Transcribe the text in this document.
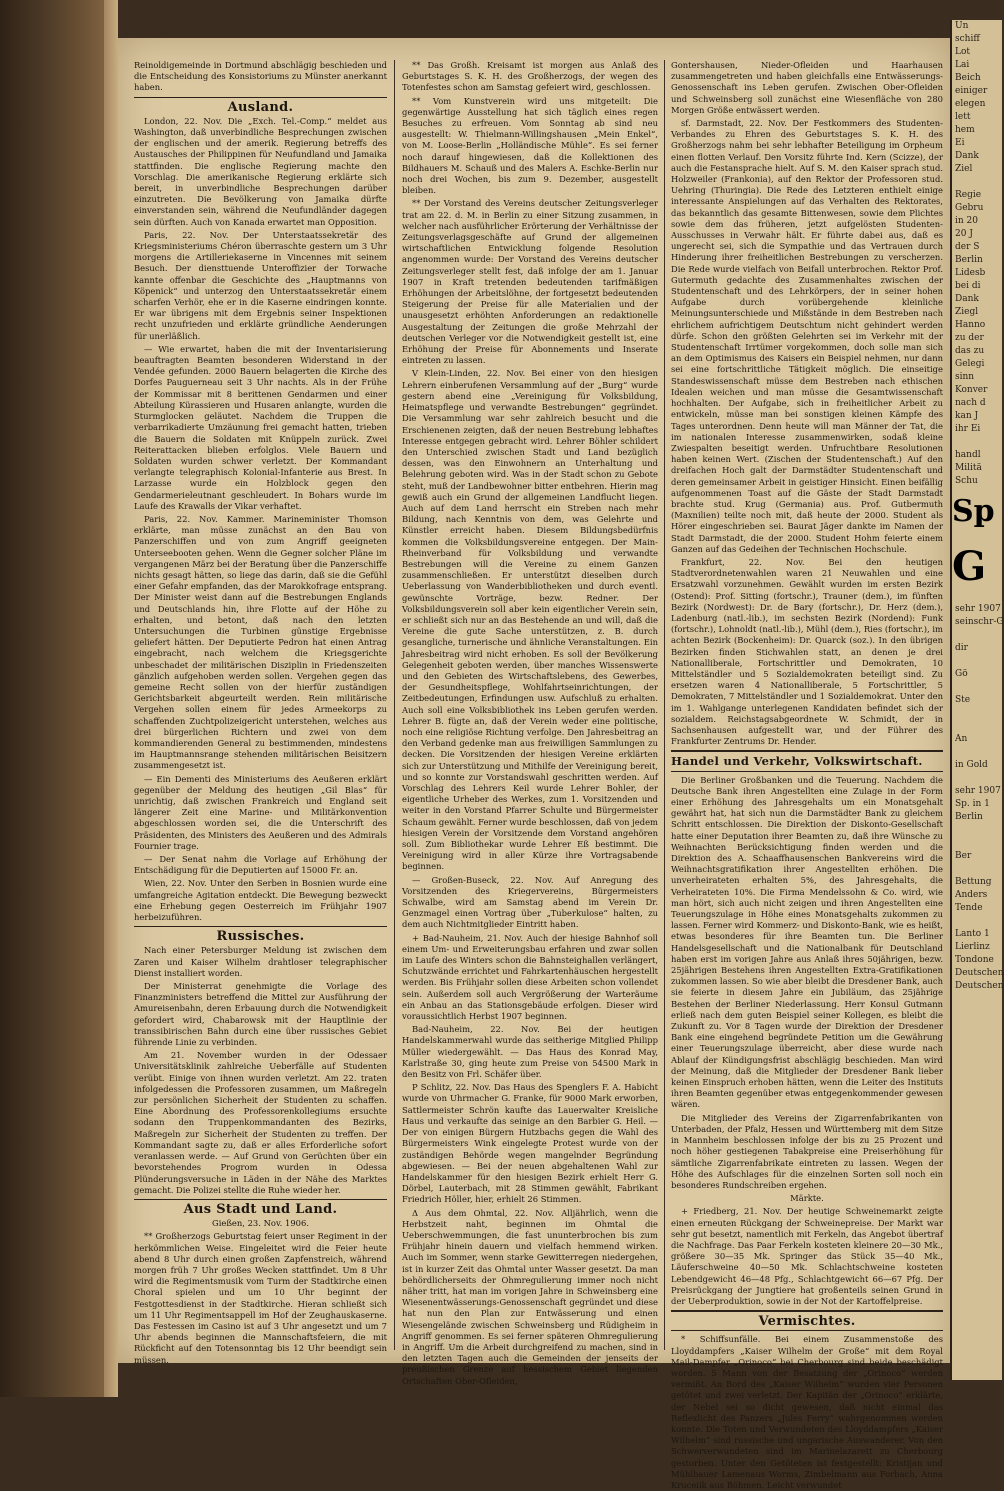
Reinoldigemeinde in Dortmund abschlägig beschieden und die Entscheidung des Konsistoriums zu Münster anerkannt haben.

Ausland.

London, 22. Nov. Die „Exch. Tel.-Comp.“ meldet aus Washington, daß unverbindliche Besprechungen zwischen der englischen und der amerik. Regierung betreffs des Austausches der Philippinen für Neufundland und Jamaika stattfinden. Die englische Regierung machte den Vorschlag. Die amerikanische Regierung erklärte sich bereit, in unverbindliche Besprechungen darüber einzutreten. Die Bevölkerung von Jamaika dürfte einverstanden sein, während die Neufundländer dagegen sein dürften. Auch von Kanada erwartet man Opposition.

Paris, 22. Nov. Der Unterstaatssekretär des Kriegsministeriums Chéron überraschte gestern um 3 Uhr morgens die Artilleriekaserne in Vincennes mit seinem Besuch. Der diensttuende Unteroffizier der Torwache kannte offenbar die Geschichte des „Hauptmanns von Köpenick“ und unterzog den Unterstaatssekretär einem scharfen Verhör, ehe er in die Kaserne eindringen konnte. Er war übrigens mit dem Ergebnis seiner Inspektionen recht unzufrieden und erklärte gründliche Aenderungen für unerläßlich.

— Wie erwartet, haben die mit der Inventarisierung beauftragten Beamten besonderen Widerstand in der Vendée gefunden. 2000 Bauern belagerten die Kirche des Dorfes Pauguerneau seit 3 Uhr nachts. Als in der Frühe der Kommissar mit 8 berittenen Gendarmen und einer Abteilung Kürassieren und Husaren anlangte, wurden die Sturmglocken geläutet. Nachdem die Truppen die verbarrikadierte Umzäunung frei gemacht hatten, trieben die Bauern die Soldaten mit Knüppeln zurück. Zwei Reiterattacken blieben erfolglos. Viele Bauern und Soldaten wurden schwer verletzt. Der Kommandant verlangte telegraphisch Kolonial-Infanterie aus Brest. In Larzasse wurde ein Holzblock gegen den Gendarmerieleutnant geschleudert. In Bohars wurde im Laufe des Krawalls der Vikar verhaftet.

Paris, 22. Nov. Kammer. Marineminister Thomson erklärte, man müsse zunächst an den Bau von Panzerschiffen und von zum Angriff geeigneten Unterseebooten gehen. Wenn die Gegner solcher Pläne im vergangenen März bei der Beratung über die Panzerschiffe nichts gesagt hätten, so liege das darin, daß sie die Gefühl einer Gefahr empfanden, das der Marokkofrage entsprang. Der Minister weist dann auf die Bestrebungen Englands und Deutschlands hin, ihre Flotte auf der Höhe zu erhalten, und betont, daß nach den letzten Untersuchungen die Turbinen günstige Ergebnisse geliefert hätten. Der Deputierte Pedron hat einen Antrag eingebracht, nach welchem die Kriegsgerichte unbeschadet der militärischen Disziplin in Friedenszeiten gänzlich aufgehoben werden sollen. Vergehen gegen das gemeine Recht sollen von der hierfür zuständigen Gerichtsbarkeit abgeurteilt werden. Rein militärische Vergehen sollen einem für jedes Armeekorps zu schaffenden Zuchtpolizeigericht unterstehen, welches aus drei bürgerlichen Richtern und zwei von dem kommandierenden General zu bestimmenden, mindestens im Hauptmannsrange stehenden militärischen Beisitzern zusammengesetzt ist.

— Ein Dementi des Ministeriums des Aeußeren erklärt gegenüber der Meldung des heutigen „Gil Blas“ für unrichtig, daß zwischen Frankreich und England seit längerer Zeit eine Marine- und Militärkonvention abgeschlossen worden sei, die die Unterschrift des Präsidenten, des Ministers des Aeußeren und des Admirals Fournier trage.

— Der Senat nahm die Vorlage auf Erhöhung der Entschädigung für die Deputierten auf 15000 Fr. an.

Wien, 22. Nov. Unter den Serben in Bosnien wurde eine umfangreiche Agitation entdeckt. Die Bewegung bezweckt eine Erhebung gegen Oesterreich im Frühjahr 1907 herbeizuführen.

Russisches.

Nach einer Petersburger Meldung ist zwischen dem Zaren und Kaiser Wilhelm drahtloser telegraphischer Dienst installiert worden.

Der Ministerrat genehmigte die Vorlage des Finanzministers betreffend die Mittel zur Ausführung der Amureisenbahn, deren Erbauung durch die Notwendigkeit gefordert wird, Chabarowsk mit der Hauptlinie der transsibirischen Bahn durch eine über russisches Gebiet führende Linie zu verbinden.

Am 21. November wurden in der Odessaer Universitätsklinik zahlreiche Ueberfälle auf Studenten verübt. Einige von ihnen wurden verletzt. Am 22. traten infolgedessen die Professoren zusammen, um Maßregeln zur persönlichen Sicherheit der Studenten zu schaffen. Eine Abordnung des Professorenkollegiums ersuchte sodann den Truppenkommandanten des Bezirks, Maßregeln zur Sicherheit der Studenten zu treffen. Der Kommandant sagte zu, daß er alles Erforderliche sofort veranlassen werde. — Auf Grund von Gerüchten über ein bevorstehendes Progrom wurden in Odessa Plünderungsversuche in Läden in der Nähe des Marktes gemacht. Die Polizei stellte die Ruhe wieder her.

Aus Stadt und Land.

Gießen, 23. Nov. 1906.

** Großherzogs Geburtstag feiert unser Regiment in der herkömmlichen Weise. Eingeleitet wird die Feier heute abend 8 Uhr durch einen großen Zapfenstreich, während morgen früh 7 Uhr großes Wecken stattfindet. Um 8 Uhr wird die Regimentsmusik vom Turm der Stadtkirche einen Choral spielen und um 10 Uhr beginnt der Festgottesdienst in der Stadtkirche. Hieran schließt sich um 11 Uhr Regimentsappell im Hof der Zeughauskaserne. Das Festessen im Casino ist auf 3 Uhr angesetzt und um 7 Uhr abends beginnen die Mannschaftsfeiern, die mit Rückficht auf den Totensonntag bis 12 Uhr beendigt sein müssen.

** Das Großh. Kreisamt ist morgen aus Anlaß des Geburtstages S. K. H. des Großherzogs, der wegen des Totenfestes schon am Samstag gefeiert wird, geschlossen.

** Vom Kunstverein wird uns mitgeteilt: Die gegenwärtige Ausstellung hat sich täglich eines regen Besuches zu erfreuen. Vom Sonntag ab sind neu ausgestellt: W. Thielmann-Willingshausen „Mein Enkel“, von M. Loose-Berlin „Holländische Mühle“. Es sei ferner noch darauf hingewiesen, daß die Kollektionen des Bildhauers M. Schauß und des Malers A. Eschke-Berlin nur noch drei Wochen, bis zum 9. Dezember, ausgestellt bleiben.

** Der Vorstand des Vereins deutscher Zeitungsverleger trat am 22. d. M. in Berlin zu einer Sitzung zusammen, in welcher nach ausführlicher Erörterung der Verhältnisse der Zeitungsverlagsgeschäfte auf Grund der allgemeinen wirtschaftlichen Entwicklung folgende Resolution angenommen wurde: Der Vorstand des Vereins deutscher Zeitungsverleger stellt fest, daß infolge der am 1. Januar 1907 in Kraft tretenden bedeutenden tarifmäßigen Erhöhungen der Arbeitslöhne, der fortgesetzt bedeutenden Steigerung der Preise für alle Materialien und der unausgesetzt erhöhten Anforderungen an redaktionelle Ausgestaltung der Zeitungen die große Mehrzahl der deutschen Verleger vor die Notwendigkeit gestellt ist, eine Erhöhung der Preise für Abonnements und Inserate eintreten zu lassen.

V Klein-Linden, 22. Nov. Bei einer von den hiesigen Lehrern einberufenen Versammlung auf der „Burg“ wurde gestern abend eine „Vereinigung für Volksbildung, Heimatspflege und verwandte Bestrebungen“ gegründet. Die Versammlung war sehr zahlreich besucht und die Erschienenen zeigten, daß der neuen Bestrebung lebhaftes Interesse entgegen gebracht wird. Lehrer Böhler schildert den Unterschied zwischen Stadt und Land bezüglich dessen, was den Einwohnern an Unterhaltung und Belehrung geboten wird. Was in der Stadt schon zu Gebote steht, muß der Landbewohner bitter entbehren. Hierin mag gewiß auch ein Grund der allgemeinen Landflucht liegen. Auch auf dem Land herrscht ein Streben nach mehr Bildung, nach Kenntnis von dem, was Gelehrte und Künstler erreicht haben. Diesem Bildungsbedürfnis kommen die Volksbildungsvereine entgegen. Der Main-Rheinverband für Volksbildung und verwandte Bestrebungen will die Vereine zu einem Ganzen zusammenschließen. Er unterstützt dieselben durch Ueberlassung von Wanderbibliotheken und durch eventl. gewünschte Vorträge, bezw. Redner. Der Volksbildungsverein soll aber kein eigentlicher Verein sein, er schließt sich nur an das Bestehende an und will, daß die Vereine die gute Sache unterstützen, z. B. durch gesangliche, turnerische und ähnliche Veranstaltungen. Ein Jahresbeitrag wird nicht erhoben. Es soll der Bevölkerung Gelegenheit geboten werden, über manches Wissenswerte und den Gebieten des Wirtschaftslebens, des Gewerbes, der Gesundheitspflege, Wohlfahrtseinrichtungen, der Zeitbedeutungen, Erfindungen usw. Aufschluß zu erhalten. Auch soll eine Volksbibliothek ins Leben gerufen werden. Lehrer B. fügte an, daß der Verein weder eine politische, noch eine religiöse Richtung verfolge. Den Jahresbeitrag an den Verband gedenke man aus freiwilligen Sammlungen zu decken. Die Vorsitzenden der hiesigen Vereine erklärten sich zur Unterstützung und Mithilfe der Vereinigung bereit, und so konnte zur Vorstandswahl geschritten werden. Auf Vorschlag des Lehrers Keil wurde Lehrer Bohler, der eigentliche Urheber des Werkes, zum 1. Vorsitzenden und weiter in den Vorstand Pfarrer Schulte und Bürgermeister Schaum gewählt. Ferner wurde beschlossen, daß von jedem hiesigen Verein der Vorsitzende dem Vorstand angehören soll. Zum Bibliothekar wurde Lehrer Eß bestimmt. Die Vereinigung wird in aller Kürze ihre Vortragsabende beginnen.

— Großen-Buseck, 22. Nov. Auf Anregung des Vorsitzenden des Kriegervereins, Bürgermeisters Schwalbe, wird am Samstag abend im Verein Dr. Genzmagel einen Vortrag über „Tuberkulose“ halten, zu dem auch Nichtmitglieder Eintritt haben.

+ Bad-Nauheim, 21. Nov. Auch der hiesige Bahnhof soll einem Um- und Erweiterungsbau erfahren und zwar sollen im Laufe des Winters schon die Bahnsteighallen verlängert, Schutzwände errichtet und Fahrkartenhäuschen hergestellt werden. Bis Frühjahr sollen diese Arbeiten schon vollendet sein. Außerdem soll auch Vergrößerung der Warteräume ein Anbau an das Stationsgebäude erfolgen. Dieser wird voraussichtlich Herbst 1907 beginnen.

Bad-Nauheim, 22. Nov. Bei der heutigen Handelskammerwahl wurde das seitherige Mitglied Philipp Müller wiedergewählt. — Das Haus des Konrad May, Karlstraße 30, ging heute zum Preise von 54500 Mark in den Besitz von Frl. Schäfer über.

P Schlitz, 22. Nov. Das Haus des Spenglers F. A. Habicht wurde von Uhrmacher G. Franke, für 9000 Mark erworben, Sattlermeister Schrön kaufte das Lauerwalter Kreisliche Haus und verkaufte das seinige an den Barbier G. Heil. — Der von einigen Bürgern Hutzbachs gegen die Wahl des Bürgermeisters Wink eingelegte Protest wurde von der zuständigen Behörde wegen mangelnder Begründung abgewiesen. — Bei der neuen abgehaltenen Wahl zur Handelskammer für den hiesigen Bezirk erhielt Herr G. Dörbel, Lauterbach, mit 28 Stimmen gewählt, Fabrikant Friedrich Höller, hier, erhielt 26 Stimmen.

Δ Aus dem Ohmtal, 22. Nov. Alljährlich, wenn die Herbstzeit naht, beginnen im Ohmtal die Ueberschwemmungen, die fast ununterbrochen bis zum Frühjahr hinein dauern und vielfach hemmend wirken. Auch im Sommer, wenn starke Gewitterregen niedergehen, ist in kurzer Zeit das Ohmtal unter Wasser gesetzt. Da man behördlicherseits der Ohmregulierung immer noch nicht näher tritt, hat man im vorigen Jahre in Schweinsberg eine Wiesenentwässerungs-Genossenschaft gegründet und diese hat nun den Plan zur Entwässerung und einen Wiesengelände zwischen Schweinsberg und Rüdigheim in Angriff genommen. Es sei ferner späteren Ohmregulierung in Angriff. Um die Arbeit durchgreifend zu machen, sind in den letzten Tagen auch die Gemeinden der jenseits der preußischen Grenze auf hessischem Gebiet liegenden Ortschaften Ober-Ofleiden,

Gontershausen, Nieder-Ofleiden und Haarhausen zusammengetreten und haben gleichfalls eine Entwässerungs-Genossenschaft ins Leben gerufen. Zwischen Ober-Ofleiden und Schweinsberg soll zunächst eine Wiesenfläche von 280 Morgen Größe entwässert werden.

sf. Darmstadt, 22. Nov. Der Festkommers des Studenten-Verbandes zu Ehren des Geburtstages S. K. H. des Großherzogs nahm bei sehr lebhafter Beteiligung im Orpheum einen flotten Verlauf. Den Vorsitz führte Ind. Kern (Scizze), der auch die Festansprache hielt. Auf S. M. den Kaiser sprach stud. Holzweiler (Frankonia), auf den Rektor der Professoren stud. Uehring (Thuringia). Die Rede des Letzteren enthielt einige interessante Anspielungen auf das Verhalten des Rektorates, das bekanntlich das gesamte Bittenwesen, sowie dem Plichtes sowie dem das früheren, jetzt aufgelösten Studenten-Ausschusses in Verwahr hält. Er führte dabei aus, daß es ungerecht sei, sich die Sympathie und das Vertrauen durch Hinderung ihrer freiheitlichen Bestrebungen zu verscherzen. Die Rede wurde vielfach von Beifall unterbrochen. Rektor Prof. Gutermuth gedachte des Zusammenhaltes zwischen der Studentenschaft und des Lehrkörpers, der in seiner hohen Aufgabe durch vorübergehende kleinliche Meinungsunterschiede und Mißstände in dem Bestreben nach ehrlichem aufrichtigem Deutschtum nicht gehindert werden dürfe. Schon den größten Gelehrten sei im Verkehr mit der Studentenschaft Irrtümer vorgekommen, doch solle man sich an dem Optimismus des Kaisers ein Beispiel nehmen, nur dann sei eine fortschrittliche Tätigkeit möglich. Die einseitige Standeswissenschaft müsse dem Bestreben nach ethischen Idealen weichen und man müsse die Gesamtwissenschaft hochhalten. Der Aufgabe, sich in freiheitlicher Arbeit zu entwickeln, müsse man bei sonstigen kleinen Kämpfe des Tages unterordnen. Denn heute will man Männer der Tat, die im nationalen Interesse zusammenwirken, sodaß kleine Zwiespalten beseitigt werden. Unfruchtbare Resolutionen haben keinen Wert. (Zischen der Studentenschaft.) Auf den dreifachen Hoch galt der Darmstädter Studentenschaft und deren gemeinsamer Arbeit in geistiger Hinsicht. Einen beifällig aufgenommenen Toast auf die Gäste der Stadt Darmstadt brachte stud. Krug (Germania) aus. Prof. Gutbermuth (Maxnilien) teilte noch mit, daß heute der 2000. Student als Hörer eingeschrieben sei. Baurat Jäger dankte im Namen der Stadt Darmstadt, die der 2000. Student Hohm feierte einem Ganzen auf das Gedeihen der Technischen Hochschule.

Frankfurt, 22. Nov. Bei den heutigen Stadtverordnetenwahlen waren 21 Neuwahlen und eine Ersatzwahl vorzunehmen. Gewählt wurden im ersten Bezirk (Ostend): Prof. Sitting (fortschr.), Trauner (dem.), im fünften Bezirk (Nordwest): Dr. de Bary (fortschr.), Dr. Herz (dem.), Ladenburg (natl.-lib.), im sechsten Bezirk (Nordend): Funk (fortschr.), Lohnoldt (natl.-lib.), Mühl (dem.), Ries (fortschr.), im achten Bezirk (Bockenheim): Dr. Quarck (soz.). In den übrigen Bezirken finden Stichwahlen statt, an denen je drei Nationalliberale, Fortschrittler und Demokraten, 10 Mittelständler und 5 Sozialdemokraten beteiligt sind. Zu ersetzen waren 4 Nationalliberale, 5 Fortschrittler, 5 Demokraten, 7 Mittelständler und 1 Sozialdemokrat. Unter den im 1. Wahlgange unterlegenen Kandidaten befindet sich der sozialdem. Reichstagsabgeordnete W. Schmidt, der in Sachsenhausen aufgestellt war, und der Führer des Frankfurter Zentrums Dr. Hender.

Handel und Verkehr, Volkswirtschaft.

Die Berliner Großbanken und die Teuerung. Nachdem die Deutsche Bank ihren Angestellten eine Zulage in der Form einer Erhöhung des Jahresgehalts um ein Monatsgehalt gewährt hat, hat sich nun die Darmstädter Bank zu gleichem Schritt entschlossen. Die Direktion der Diskonto-Gesellschaft hatte einer Deputation ihrer Beamten zu, daß ihre Wünsche zu Weihnachten Berücksichtigung finden werden und die Direktion des A. Schaaffhausenschen Bankvereins wird die Weihnachtsgratifikation ihrer Angestellten erhöhen. Die unverheirateten erhalten 5%, des Jahresgehalts, die Verheirateten 10%. Die Firma Mendelssohn & Co. wird, wie man hört, sich auch nicht zeigen und ihren Angestellten eine Teuerungszulage in Höhe eines Monatsgehalts zukommen zu lassen. Ferner wird Kommerz- und Diskonto-Bank, wie es heißt, etwas besonderes für ihre Beamten tun. Die Berliner Handelsgesellschaft und die Nationalbank für Deutschland haben erst im vorigen Jahre aus Anlaß ihres 50jährigen, bezw. 25jährigen Bestehens ihren Angestellten Extra-Gratifikationen zukommen lassen. So wie aber bleibt die Dresdener Bank, auch sie feierte in diesem Jahre ein Jubiläum, das 25jährige Bestehen der Berliner Niederlassung. Herr Konsul Gutmann erließ nach dem guten Beispiel seiner Kollegen, es bleibt die Zukunft zu. Vor 8 Tagen wurde der Direktion der Dresdener Bank eine eingehend begründete Petition um die Gewährung einer Teuerungszulage überreicht, aber diese wurde nach Ablauf der Kündigungsfrist abschlägig beschieden. Man wird der Meinung, daß die Mitglieder der Dresdener Bank lieber keinen Einspruch erhoben hätten, wenn die Leiter des Instituts ihren Beamten gegenüber etwas entgegenkommender gewesen wären.

Die Mitglieder des Vereins der Zigarrenfabrikanten von Unterbaden, der Pfalz, Hessen und Württemberg mit dem Sitze in Mannheim beschlossen infolge der bis zu 25 Prozent und noch höher gestiegenen Tabakpreise eine Preiserhöhung für sämtliche Zigarrenfabrikate eintreten zu lassen. Wegen der Höhe des Aufschlages für die einzelnen Sorten soll noch ein besonderes Rundschreiben ergehen.

Märkte.

+ Friedberg, 21. Nov. Der heutige Schweinemarkt zeigte einen erneuten Rückgang der Schweinepreise. Der Markt war sehr gut besetzt, namentlich mit Ferkeln, das Angebot übertraf die Nachfrage. Das Paar Ferkeln kosteten kleinere 20—30 Mk., größere 30—35 Mk. Springer das Stück 35—40 Mk., Läuferschweine 40—50 Mk. Schlachtschweine kosteten Lebendgewicht 46—48 Pfg., Schlachtgewicht 66—67 Pfg. Der Preisrückgang der Jungtiere hat großenteils seinen Grund in der Ueberproduktion, sowie in der Not der Kartoffelpreise.

Vermischtes.

* Schiffsunfälle. Bei einem Zusammenstoße des Lloyddampfers „Kaiser Wilhelm der Große“ mit dem Royal Mail-Dampfer „Orinoco“ bei Cherbourg sind beide beschädigt worden. 5 Mann von der Besatzung der „Orinoco“ werden vermißt. An Bord des „Kaiser Wilhelm“ wurden vier Personen getötet und zwei verletzt. Der Kapitän der „Orinoco“ erklärte, der Nebel sei so dicht gewesen, daß nicht einmal das Reflexlicht des Panzers „Jules Ferry“ wahrgenommen werden konnte. Die Toten und Verwundeten des Lloyddampfers „Kaiser Wilhelm“ sind russische und ungarische Auswanderer. Von den Schwerverwundeten sind im Marinelazarett zu Cherbourg gestorben. Unter den Getöteten ist festgestellt: Kristijan und Mühlbauer Lamenaus Worms, Zimbelmann aus Forbach, Anna Kruceiik aus Böhmen. Leicht verwundet

Un
schiff
Lot
Lai
Beich
einiger
elegen
lett
hem
Ei
Dank
Ziel

Regie
Gebru
in 20
20 J
der S
Berlin
Lidesb
bei di
Dank
Ziegl
Hanno
zu der
das zu
Gelegi
sinn
Konver
nach d
kan J
ihr Ei

handl
Militä
Schu
Sp
G

sehr 1907
seinschr-G

dir

Gö

Ste

An

in Gold

sehr 1907
Sp. in 1
Berlin

Ber

Bettung
Anders
Tende

Lanto 1
Lierlinz
Tondone
Deutschen
Deutschen
